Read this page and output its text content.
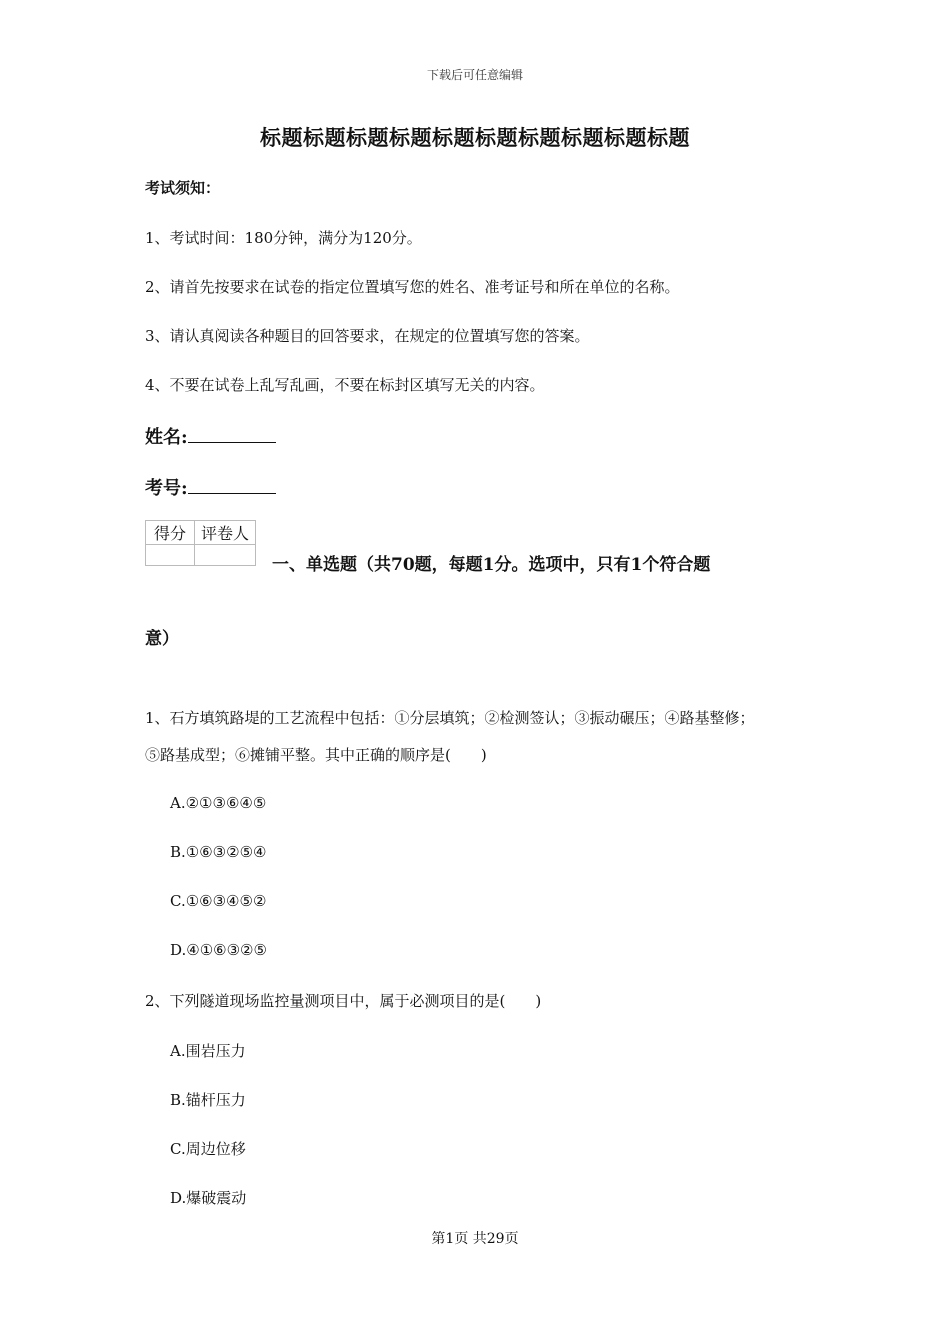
下载后可任意编辑
标题标题标题标题标题标题标题标题标题标题
考试须知：
1、考试时间：180分钟，满分为120分。
2、请首先按要求在试卷的指定位置填写您的姓名、准考证号和所在单位的名称。
3、请认真阅读各种题目的回答要求，在规定的位置填写您的答案。
4、不要在试卷上乱写乱画，不要在标封区填写无关的内容。
姓名:
考号:
得分	评卷人

一、单选题（共70题，每题1分。选项中，只有1个符合题
意）
1、石方填筑路堤的工艺流程中包括：①分层填筑；②检测签认；③振动碾压；④路基整修；
⑤路基成型；⑥摊铺平整。其中正确的顺序是(　　)
A.②①③⑥④⑤
B.①⑥③②⑤④
C.①⑥③④⑤②
D.④①⑥③②⑤
2、下列隧道现场监控量测项目中，属于必测项目的是(　　)
A.围岩压力
B.锚杆压力
C.周边位移
D.爆破震动
第1页 共29页
